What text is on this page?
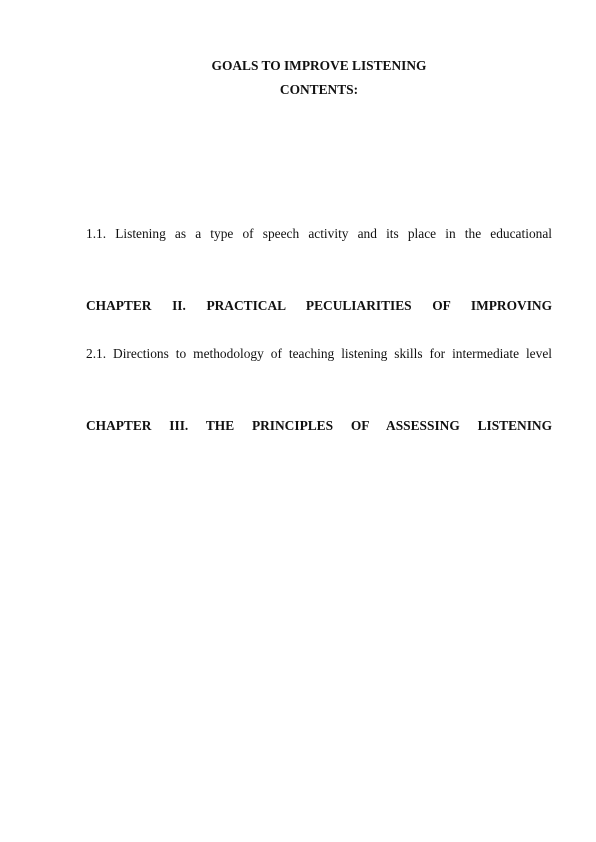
GOALS TO IMPROVE LISTENING
CONTENTS:
1.1. Listening as a type of speech activity and its place in the educational
CHAPTER II. PRACTICAL PECULIARITIES OF IMPROVING
2.1. Directions to methodology of teaching listening skills for intermediate level
CHAPTER III. THE PRINCIPLES OF ASSESSING LISTENING
